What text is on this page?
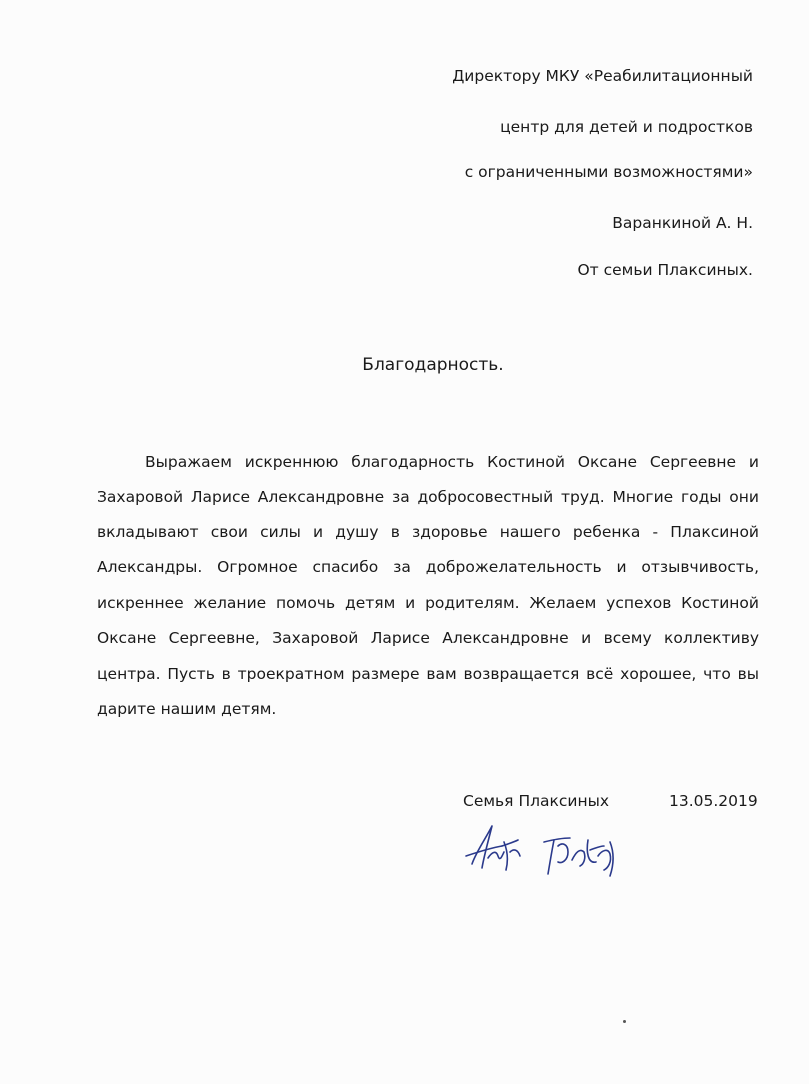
Директору МКУ «Реабилитационный
центр для детей и подростков
с ограниченными возможностями»
Варанкиной А. Н.
От семьи Плаксиных.
Благодарность.
Выражаем искреннюю благодарность Костиной Оксане Сергеевне и
Захаровой Ларисе Александровне за добросовестный труд. Многие годы они
вкладывают свои силы и душу в здоровье нашего ребенка - Плаксиной
Александры. Огромное спасибо за доброжелательность и отзывчивость,
искреннее желание помочь детям и родителям. Желаем успехов Костиной
Оксане Сергеевне, Захаровой Ларисе Александровне и всему коллективу
центра. Пусть в троекратном размере вам возвращается всё хорошее, что вы
дарите нашим детям.
Семья Плаксиных	13.05.2019
